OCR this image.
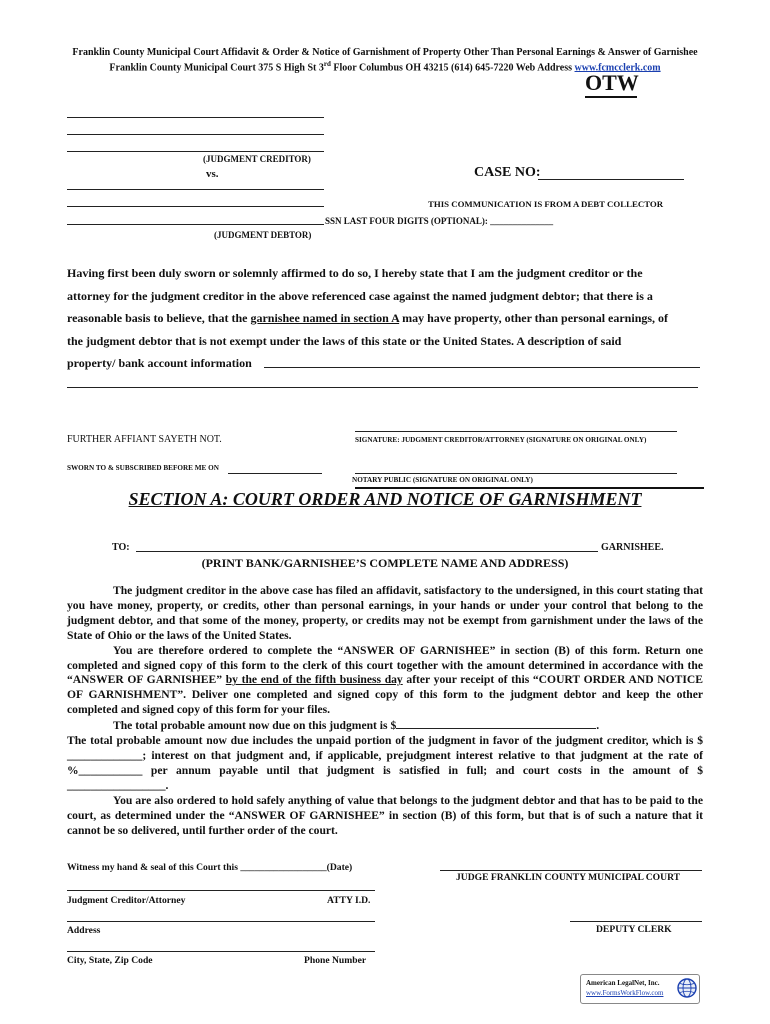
Franklin County Municipal Court Affidavit & Order & Notice of Garnishment of Property Other Than Personal Earnings & Answer of Garnishee
Franklin County Municipal Court 375 S High St 3rd Floor Columbus OH 43215 (614) 645-7220 Web Address www.fcmcclerk.com
OTW
(JUDGMENT CREDITOR)
vs.	CASE NO:
THIS COMMUNICATION IS FROM A DEBT COLLECTOR
SSN LAST FOUR DIGITS (OPTIONAL): ______________
(JUDGMENT DEBTOR)

Having first been duly sworn or solemnly affirmed to do so, I hereby state that I am the judgment creditor or the

attorney for the judgment creditor in the above referenced case against the named judgment debtor; that there is a

reasonable basis to believe, that the garnishee named in section A may have property, other than personal earnings, of

the judgment debtor that is not exempt under the laws of this state or the United States. A description of said

property/ bank account information

FURTHER AFFIANT SAYETH NOT.	SIGNATURE: JUDGMENT CREDITOR/ATTORNEY (SIGNATURE ON ORIGINAL ONLY)
SWORN TO & SUBSCRIBED BEFORE ME ON
NOTARY PUBLIC (SIGNATURE ON ORIGINAL ONLY)
SECTION A: COURT ORDER AND NOTICE OF GARNISHMENT
TO:	GARNISHEE.
(PRINT BANK/GARNISHEE’S COMPLETE NAME AND ADDRESS)

The judgment creditor in the above case has filed an affidavit, satisfactory to the undersigned, in this court stating that you have money, property, or credits, other than personal earnings, in your hands or under your control that belong to the judgment debtor, and that some of the money, property, or credits may not be exempt from garnishment under the laws of the State of Ohio or the laws of the United States.

You are therefore ordered to complete the “ANSWER OF GARNISHEE” in section (B) of this form. Return one completed and signed copy of this form to the clerk of this court together with the amount determined in accordance with the “ANSWER OF GARNISHEE” by the end of the fifth business day after your receipt of this “COURT ORDER AND NOTICE OF GARNISHMENT”. Deliver one completed and signed copy of this form to the judgment debtor and keep the other completed and signed copy of this form for your files.

The total probable amount now due on this judgment is $	.

The total probable amount now due includes the unpaid portion of the judgment in favor of the judgment creditor, which is $ _____________; interest on that judgment and, if applicable, prejudgment interest relative to that judgment at the rate of %___________ per annum payable until that judgment is satisfied in full; and court costs in the amount of $ _________________.

You are also ordered to hold safely anything of value that belongs to the judgment debtor and that has to be paid to the court, as determined under the “ANSWER OF GARNISHEE” in section (B) of this form, but that is of such a nature that it cannot be so delivered, until further order of the court.

Witness my hand & seal of this Court this __________________(Date)
JUDGE FRANKLIN COUNTY MUNICIPAL COURT
Judgment Creditor/Attorney	ATTY I.D.
Address	DEPUTY CLERK
City, State, Zip Code	Phone Number
American LegalNet, Inc.
www.FormsWorkFlow.com
